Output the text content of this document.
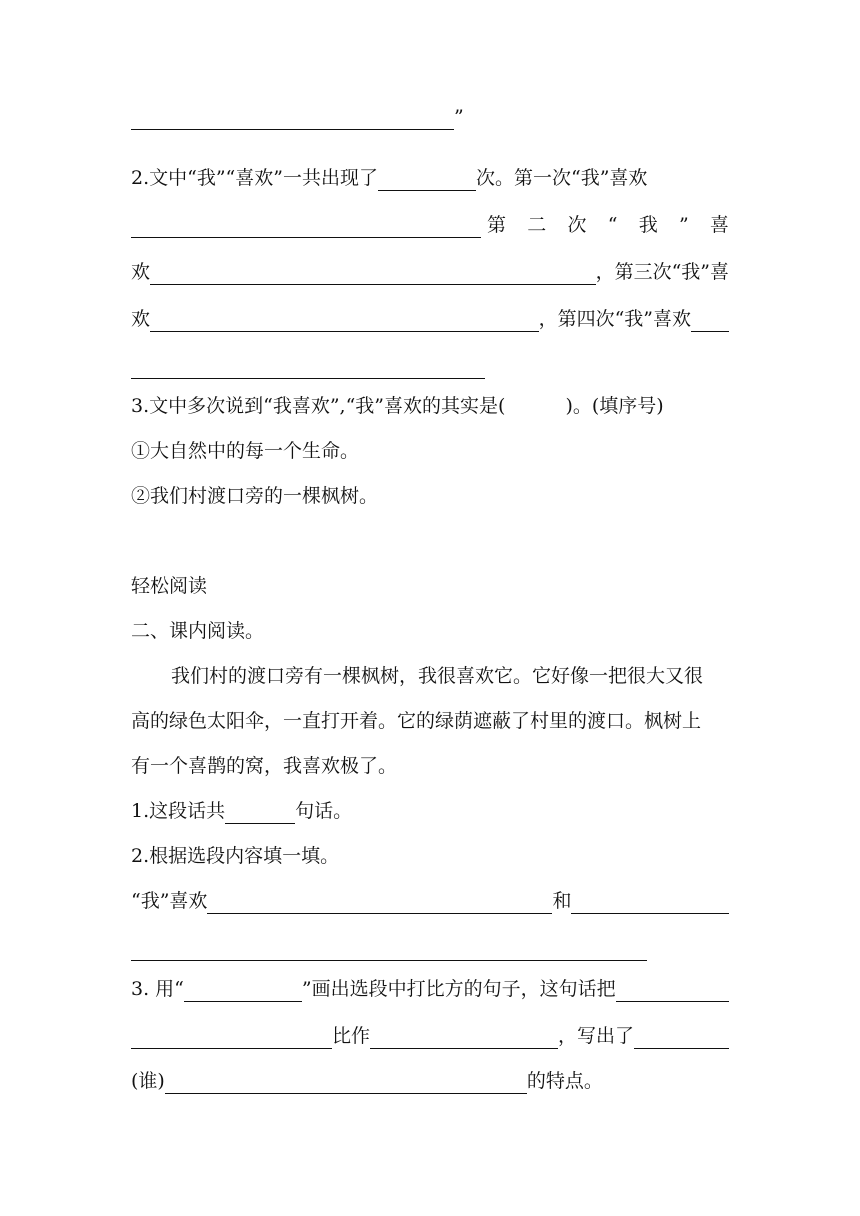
”
2.文中“我”“喜欢”一共出现了	次。第一次“我”喜欢
第 二 次 “ 我 ” 喜
欢	，第三次“我”喜
欢	，第四次“我”喜欢
3.文中多次说到“我喜欢”,“我”喜欢的其实是(	)。(填序号)
①大自然中的每一个生命。
②我们村渡口旁的一棵枫树。
轻松阅读
二、课内阅读。
我们村的渡口旁有一棵枫树，我很喜欢它。它好像一把很大又很
高的绿色太阳伞，一直打开着。它的绿荫遮蔽了村里的渡口。枫树上
有一个喜鹊的窝，我喜欢极了。
1.这段话共	句话。
2.根据选段内容填一填。
“我”喜欢	和
3. 用“	”画出选段中打比方的句子，这句话把
比作	，写出了
(谁)	的特点。
